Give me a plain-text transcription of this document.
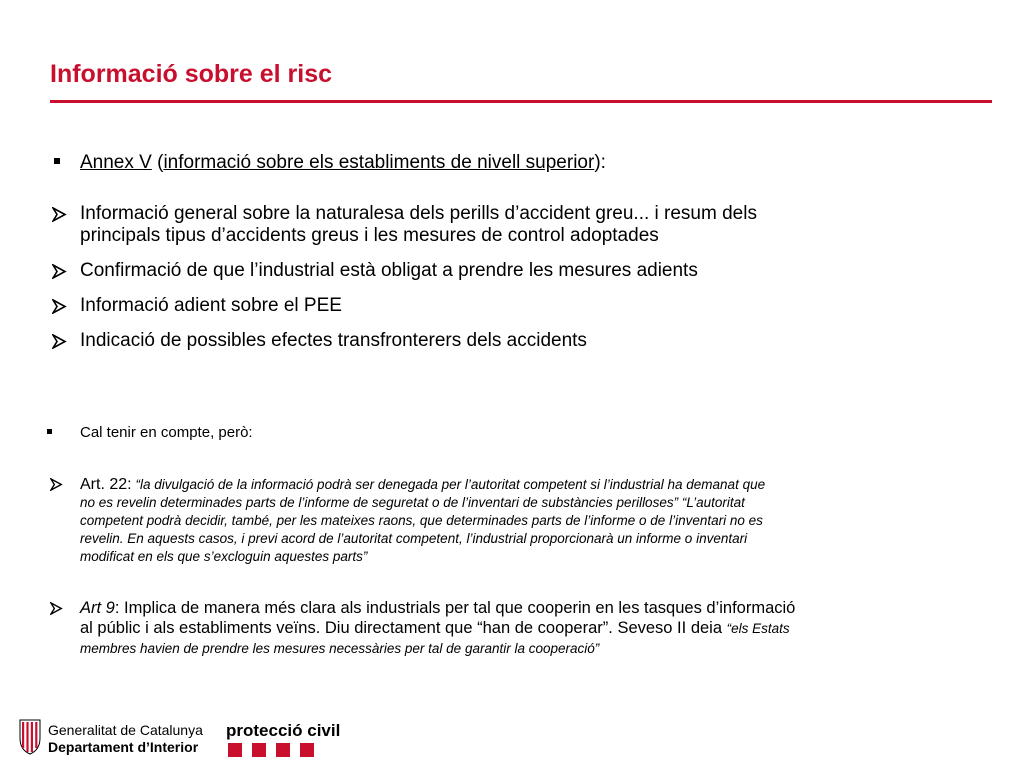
Informació sobre el risc
Annex V (informació sobre els establiments de nivell superior):
Informació general sobre la naturalesa dels perills d’accident greu... i resum dels
principals tipus d’accidents greus i les mesures de control adoptades
Confirmació de que l’industrial està obligat a prendre les mesures adients
Informació adient sobre el PEE
Indicació de possibles efectes transfronterers dels accidents
Cal tenir en compte, però:
Art. 22: “la divulgació de la informació podrà ser denegada per l’autoritat competent si l’industrial ha demanat que
no es revelin determinades parts de l’informe de seguretat o de l’inventari de substàncies perilloses” “L’autoritat
competent podrà decidir, també, per les mateixes raons, que determinades parts de l’informe o de l’inventari no es
revelin. En aquests casos, i previ acord de l’autoritat competent, l’industrial proporcionarà un informe o inventari
modificat en els que s’excloguin aquestes parts”
Art 9: Implica de manera més clara als industrials per tal que cooperin en les tasques d’informació
al públic i als establiments veïns. Diu directament que “han de cooperar”. Seveso II deia “els Estats
membres havien de prendre les mesures necessàries per tal de garantir la cooperació”
Generalitat de Catalunya
Departament d’Interior
protecció civil
